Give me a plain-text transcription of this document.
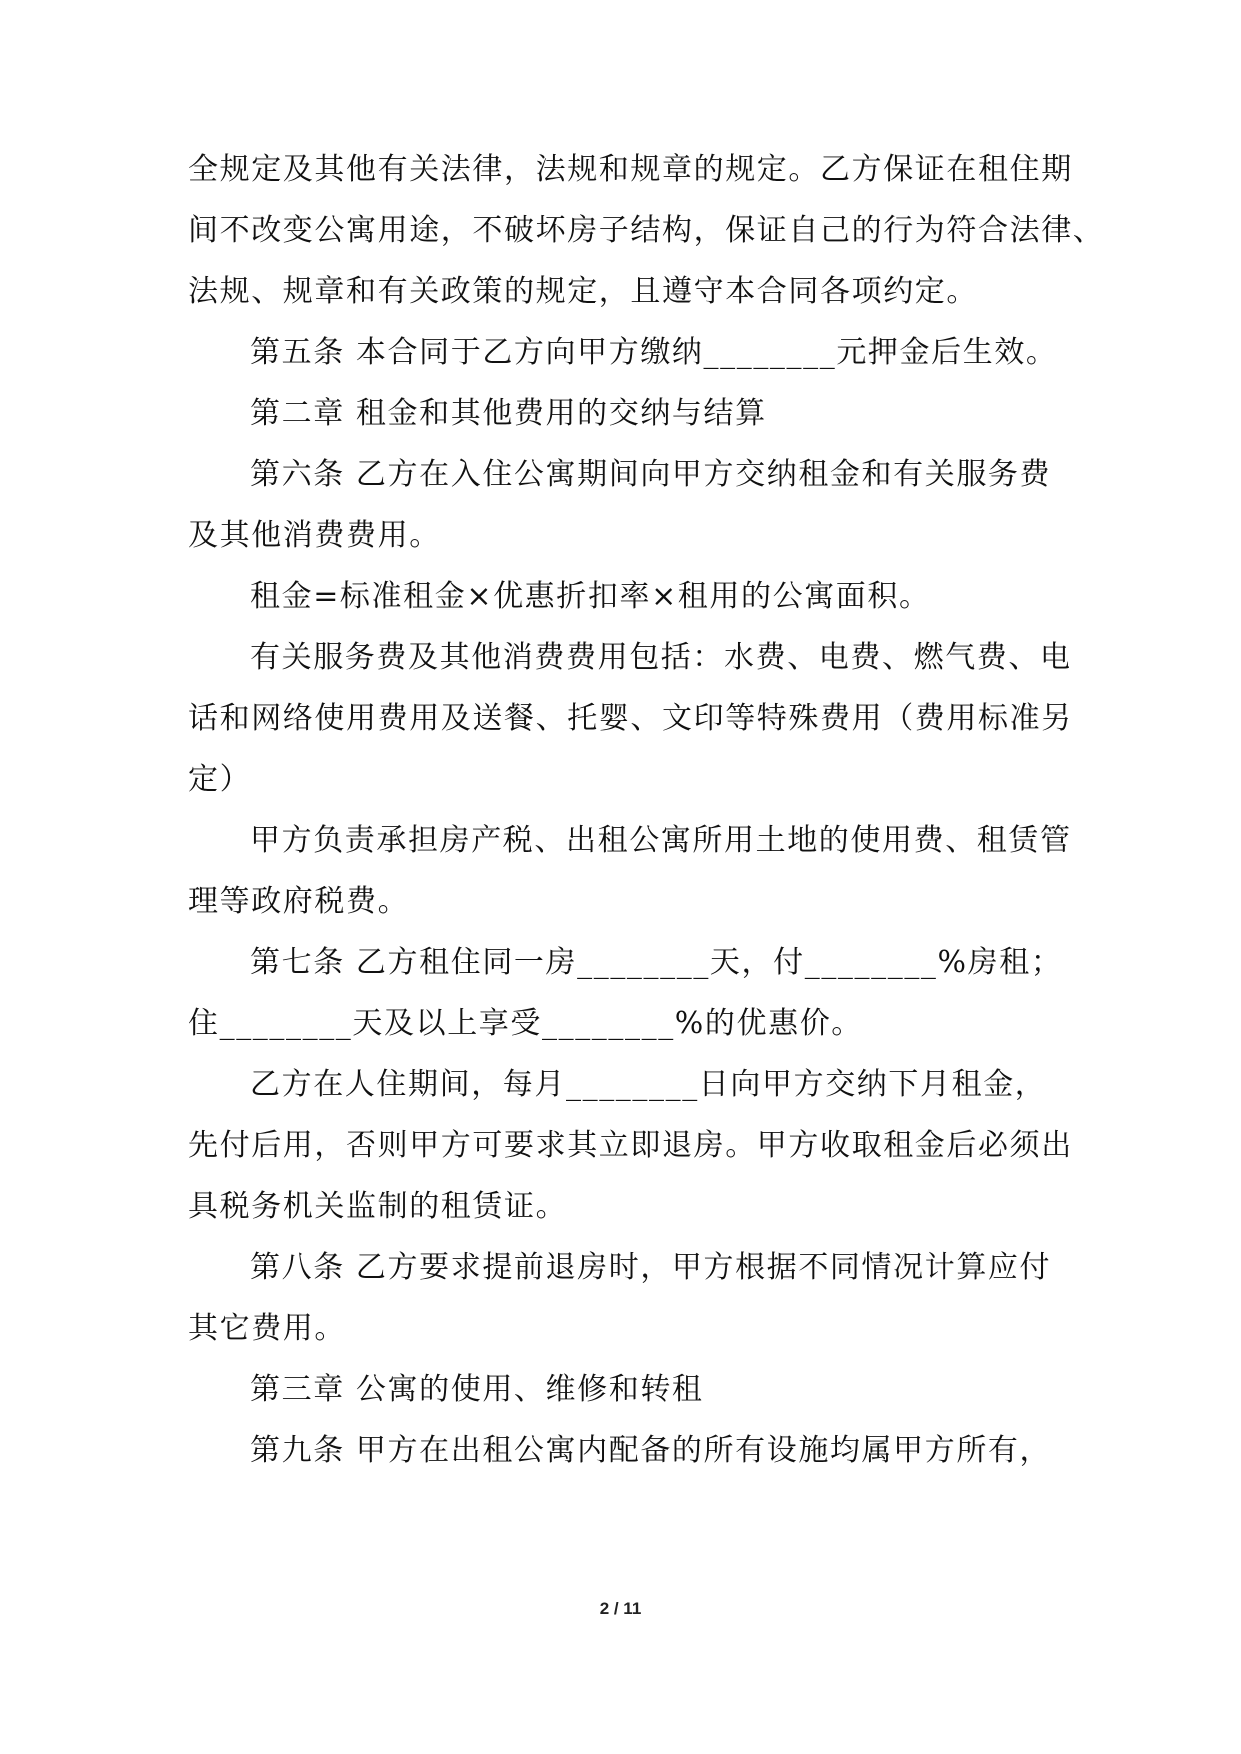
全规定及其他有关法律，法规和规章的规定。乙方保证在租住期
间不改变公寓用途，不破坏房子结构，保证自己的行为符合法律、
法规、规章和有关政策的规定，且遵守本合同各项约定。
第五条 本合同于乙方向甲方缴纳________元押金后生效。
第二章 租金和其他费用的交纳与结算
第六条 乙方在入住公寓期间向甲方交纳租金和有关服务费
及其他消费费用。
租金=标准租金×优惠折扣率×租用的公寓面积。
有关服务费及其他消费费用包括：水费、电费、燃气费、电
话和网络使用费用及送餐、托婴、文印等特殊费用（费用标准另
定）
甲方负责承担房产税、出租公寓所用土地的使用费、租赁管
理等政府税费。
第七条 乙方租住同一房________天，付________%房租；
住________天及以上享受________%的优惠价。
乙方在人住期间，每月________日向甲方交纳下月租金，
先付后用，否则甲方可要求其立即退房。甲方收取租金后必须出
具税务机关监制的租赁证。
第八条 乙方要求提前退房时，甲方根据不同情况计算应付
其它费用。
第三章 公寓的使用、维修和转租
第九条 甲方在出租公寓内配备的所有设施均属甲方所有，
2 / 11
